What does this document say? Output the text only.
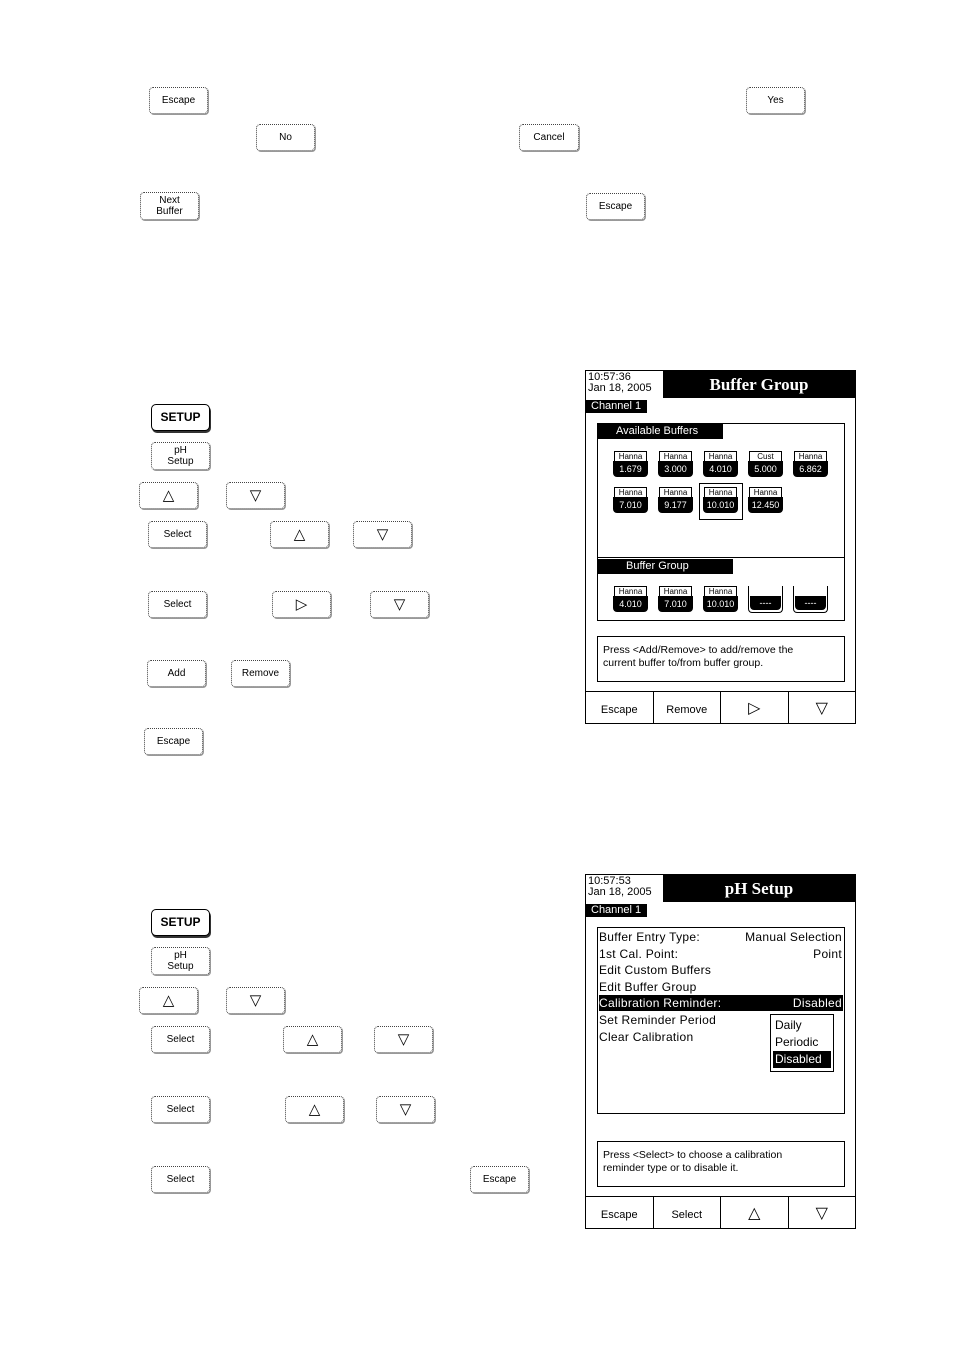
Escape	Yes
No	Cancel
Next
Buffer	Escape
SETUP
pH
Setup
△	▽
Select	△	▽
Select	▷	▽
Add	Remove
Escape
10:57:36
Jan 18, 2005	Buffer Group
Channel 1
Available Buffers
Hanna
1.679
Hanna
3.000
Hanna
4.010
Cust
5.000
Hanna
6.862
Hanna
7.010
Hanna
9.177
Hanna
10.010
Hanna
12.450
Buffer Group
Hanna
4.010
Hanna
7.010
Hanna
10.010	----	----
Press <Add/Remove> to add/remove the
current buffer to/from buffer group.
Escape	Remove	▷	▽
SETUP
pH
Setup
△	▽
Select	△	▽
Select	△	▽
Select	Escape
10:57:53
Jan 18, 2005	pH Setup
Channel 1
Buffer Entry Type:	Manual Selection
1st Cal. Point:	Point
Edit Custom Buffers
Edit Buffer Group
Calibration Reminder:	Disabled
Set Reminder Period
Clear Calibration
Daily
Periodic
Disabled
Press <Select> to choose a calibration
reminder type or to disable it.
Escape	Select	△	▽
